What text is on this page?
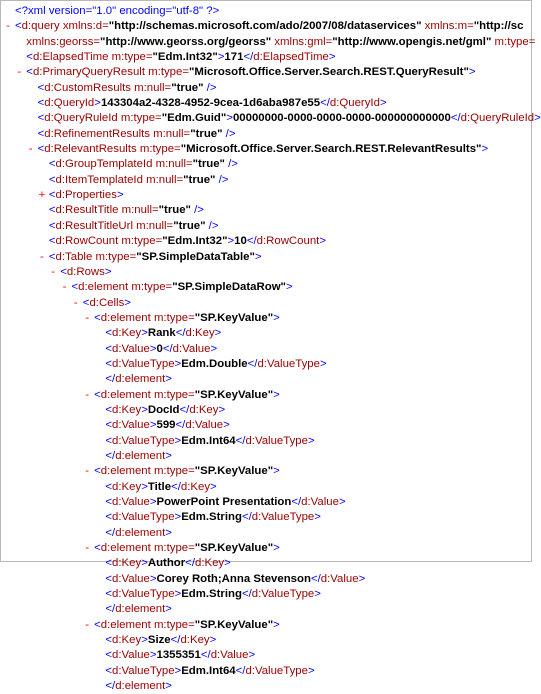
<?xml version="1.0" encoding="utf-8" ?>
- <d:query xmlns:d="http://schemas.microsoft.com/ado/2007/08/dataservices" xmlns:m="http://sc
xmlns:georss="http://www.georss.org/georss" xmlns:gml="http://www.opengis.net/gml" m:type=
<d:ElapsedTime m:type="Edm.Int32">171</d:ElapsedTime>
- <d:PrimaryQueryResult m:type="Microsoft.Office.Server.Search.REST.QueryResult">
<d:CustomResults m:null="true" />
<d:QueryId>143304a2-4328-4952-9cea-1d6aba987e55</d:QueryId>
<d:QueryRuleId m:type="Edm.Guid">00000000-0000-0000-0000-000000000000</d:QueryRuleId>
<d:RefinementResults m:null="true" />
- <d:RelevantResults m:type="Microsoft.Office.Server.Search.REST.RelevantResults">
<d:GroupTemplateId m:null="true" />
<d:ItemTemplateId m:null="true" />
+ <d:Properties>
<d:ResultTitle m:null="true" />
<d:ResultTitleUrl m:null="true" />
<d:RowCount m:type="Edm.Int32">10</d:RowCount>
- <d:Table m:type="SP.SimpleDataTable">
- <d:Rows>
- <d:element m:type="SP.SimpleDataRow">
- <d:Cells>
- <d:element m:type="SP.KeyValue">
<d:Key>Rank</d:Key>
<d:Value>0</d:Value>
<d:ValueType>Edm.Double</d:ValueType>
</d:element>
- <d:element m:type="SP.KeyValue">
<d:Key>DocId</d:Key>
<d:Value>599</d:Value>
<d:ValueType>Edm.Int64</d:ValueType>
</d:element>
- <d:element m:type="SP.KeyValue">
<d:Key>Title</d:Key>
<d:Value>PowerPoint Presentation</d:Value>
<d:ValueType>Edm.String</d:ValueType>
</d:element>
- <d:element m:type="SP.KeyValue">
<d:Key>Author</d:Key>
<d:Value>Corey Roth;Anna Stevenson</d:Value>
<d:ValueType>Edm.String</d:ValueType>
</d:element>
- <d:element m:type="SP.KeyValue">
<d:Key>Size</d:Key>
<d:Value>1355351</d:Value>
<d:ValueType>Edm.Int64</d:ValueType>
</d:element>
